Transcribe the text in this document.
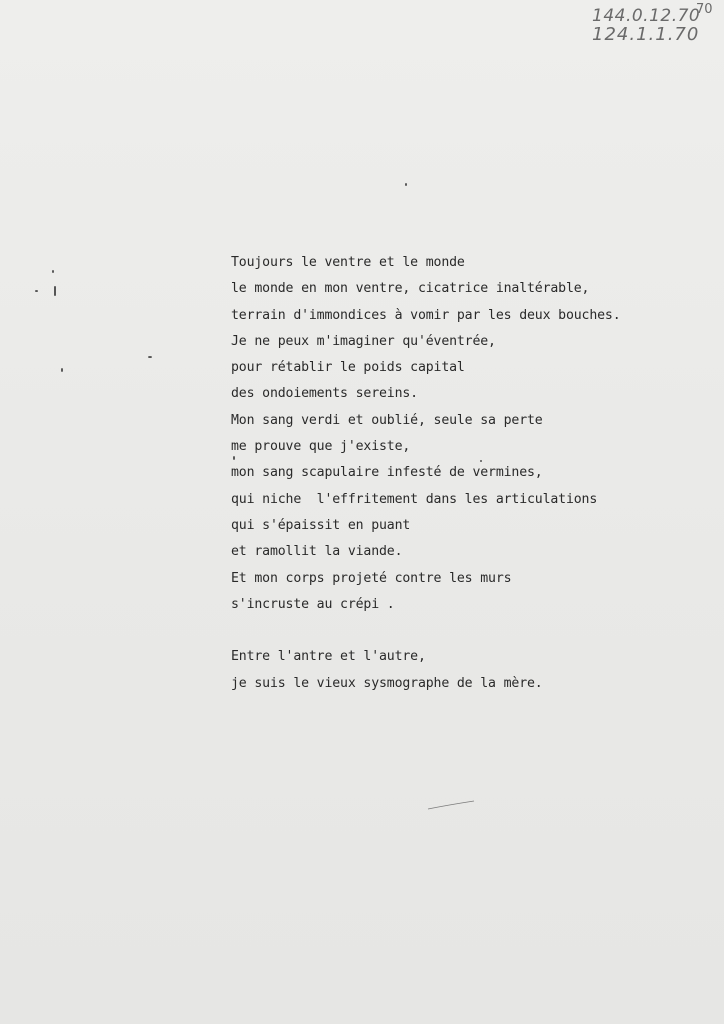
144.0.12.70
70
124.1.1.70
Toujours le ventre et le monde
le monde en mon ventre, cicatrice inaltérable,
terrain d'immondices à vomir par les deux bouches.
Je ne peux m'imaginer qu'éventrée,
pour rétablir le poids capital
des ondoiements sereins.
Mon sang verdi et oublié, seule sa perte
me prouve que j'existe,
mon sang scapulaire infesté de vermines,
qui niche  l'effritement dans les articulations
qui s'épaissit en puant
et ramollit la viande.
Et mon corps projeté contre les murs
s'incruste au crépi .
Entre l'antre et l'autre,
je suis le vieux sysmographe de la mère.
